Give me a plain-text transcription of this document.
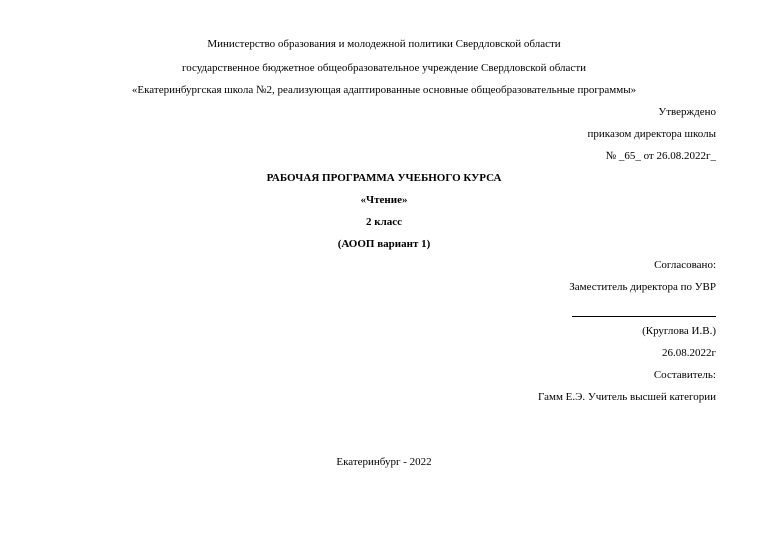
Министерство образования и молодежной политики Свердловской области
государственное бюджетное общеобразовательное учреждение Свердловской области
«Екатеринбургская школа №2, реализующая адаптированные основные общеобразовательные программы»
Утверждено
приказом директора школы
№ _65_ от 26.08.2022г_
РАБОЧАЯ ПРОГРАММА УЧЕБНОГО КУРСА
«Чтение»
2 класс
(АООП вариант 1)
Согласовано:
Заместитель директора по УВР
(Круглова И.В.)
26.08.2022г
Составитель:
Гамм Е.Э. Учитель высшей категории
Екатеринбург - 2022
